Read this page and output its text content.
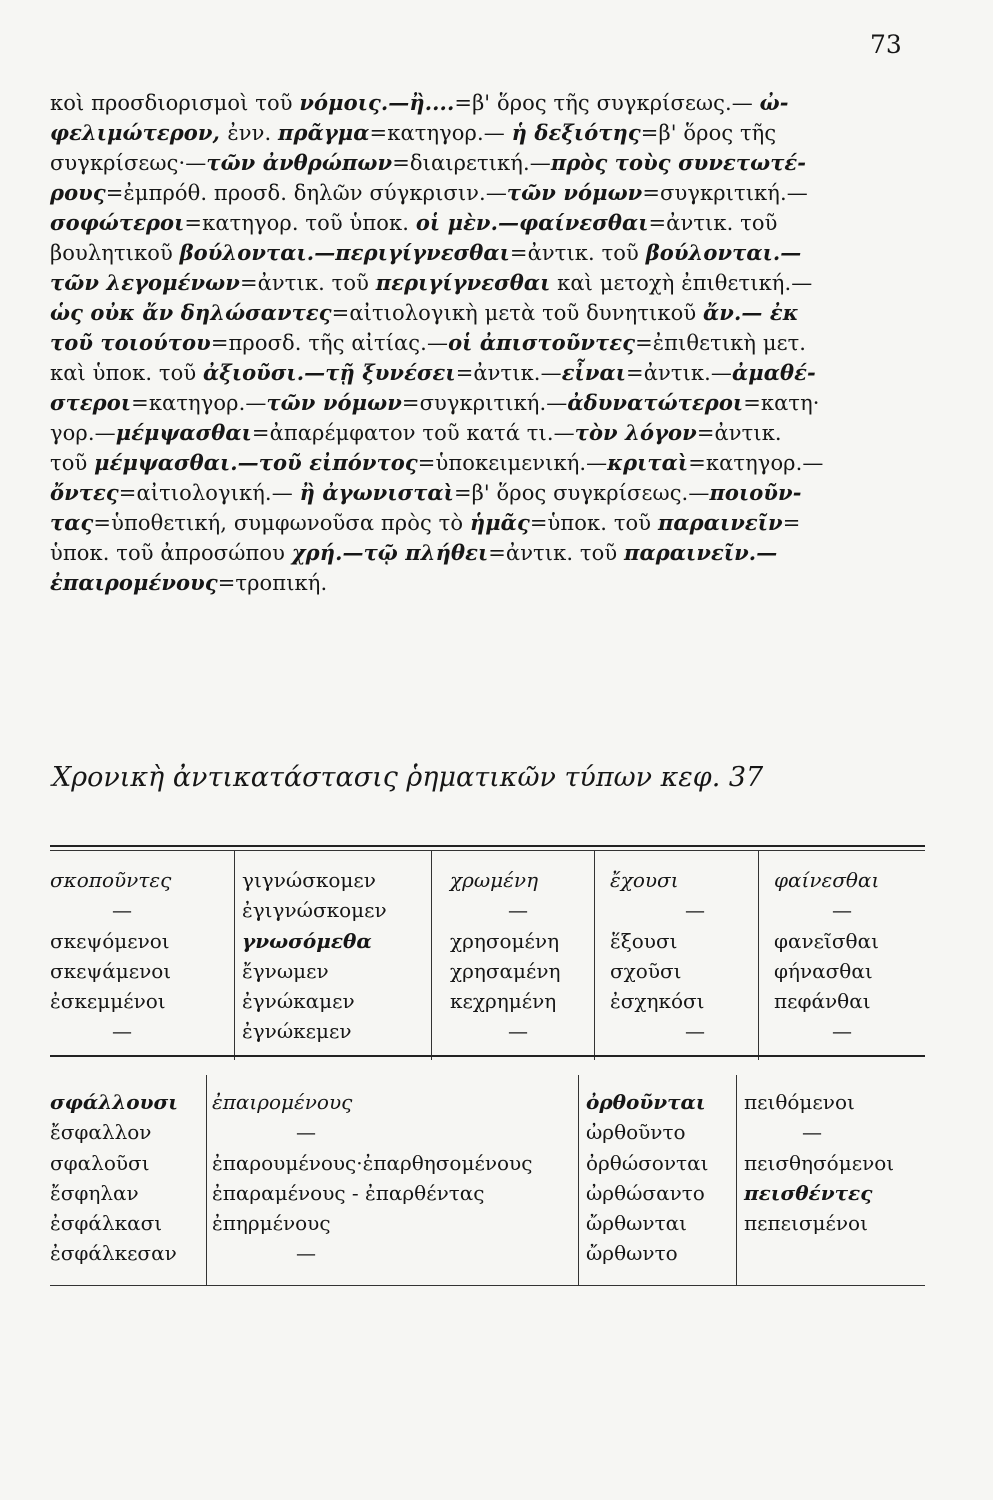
73

κοὶ προσδιορισμοὶ τοῦ νόμοις.—ἢ....=β' ὅρος τῆς συγκρίσεως.— ὠ-

φελιμώτερον, ἐνν. πρᾶγμα=κατηγορ.— ἡ δεξιότης=β' ὅρος τῆς

συγκρίσεως·—τῶν ἀνθρώπων=διαιρετική.—πρὸς τοὺς συνετωτέ-

ρους=ἐμπρόθ. προσδ. δηλῶν σύγκρισιν.—τῶν νόμων=συγκριτική.—

σοφώτεροι=κατηγορ. τοῦ ὑποκ. οἱ μὲν.—φαίνεσθαι=ἀντικ. τοῦ

βουλητικοῦ βούλονται.—περιγίγνεσθαι=ἀντικ. τοῦ βούλονται.—

τῶν λεγομένων=ἀντικ. τοῦ περιγίγνεσθαι καὶ μετοχὴ ἐπιθετική.—

ὡς οὐκ ἄν δηλώσαντες=αἰτιολογικὴ μετὰ τοῦ δυνητικοῦ ἄν.— ἐκ

τοῦ τοιούτου=προσδ. τῆς αἰτίας.—οἱ ἀπιστοῦντες=ἐπιθετικὴ μετ.

καὶ ὑποκ. τοῦ ἀξιοῦσι.—τῇ ξυνέσει=ἀντικ.—εἶναι=ἀντικ.—ἀμαθέ-

στεροι=κατηγορ.—τῶν νόμων=συγκριτική.—ἀδυνατώτεροι=κατη·

γορ.—μέμψασθαι=ἀπαρέμφατον τοῦ κατά τι.—τὸν λόγον=ἀντικ.

τοῦ μέμψασθαι.—τοῦ εἰπόντος=ὑποκειμενική.—κριταὶ=κατηγορ.—

ὄντες=αἰτιολογική.— ἢ ἀγωνισταὶ=β' ὅρος συγκρίσεως.—ποιοῦν-

τας=ὑποθετική, συμφωνοῦσα πρὸς τὸ ἡμᾶς=ὑποκ. τοῦ παραινεῖν=

ὑποκ. τοῦ ἀπροσώπου χρή.—τῷ πλήθει=ἀντικ. τοῦ παραινεῖν.—

ἐπαιρομένους=τροπική.

Χρονικὴ ἀντικατάστασις ῥηματικῶν τύπων κεφ. 37
σκοποῦντες
—
σκεψόμενοι
σκεψάμενοι
ἐσκεμμένοι
—
γιγνώσκομεν
ἐγιγνώσκομεν
γνωσόμεθα
ἔγνωμεν
ἐγνώκαμεν
ἐγνώκεμεν
χρωμένη
—
χρησομένη
χρησαμένη
κεχρημένη
—
ἔχουσι
—
ἕξουσι
σχοῦσι
ἐσχηκόσι
—
φαίνεσθαι
—
φανεῖσθαι
φήνασθαι
πεφάνθαι
—
σφάλλουσι
ἔσφαλλον
σφαλοῦσι
ἔσφηλαν
ἐσφάλκασι
ἐσφάλκεσαν
ἐπαιρομένους
—
ἐπαρουμένους·ἐπαρθησομένους
ἐπαραμένους - ἐπαρθέντας
ἐπηρμένους
—
ὀρθοῦνται
ὠρθοῦντο
ὀρθώσονται
ὠρθώσαντο
ὤρθωνται
ὤρθωντο
πειθόμενοι
—
πεισθησόμενοι
πεισθέντες
πεπεισμένοι
